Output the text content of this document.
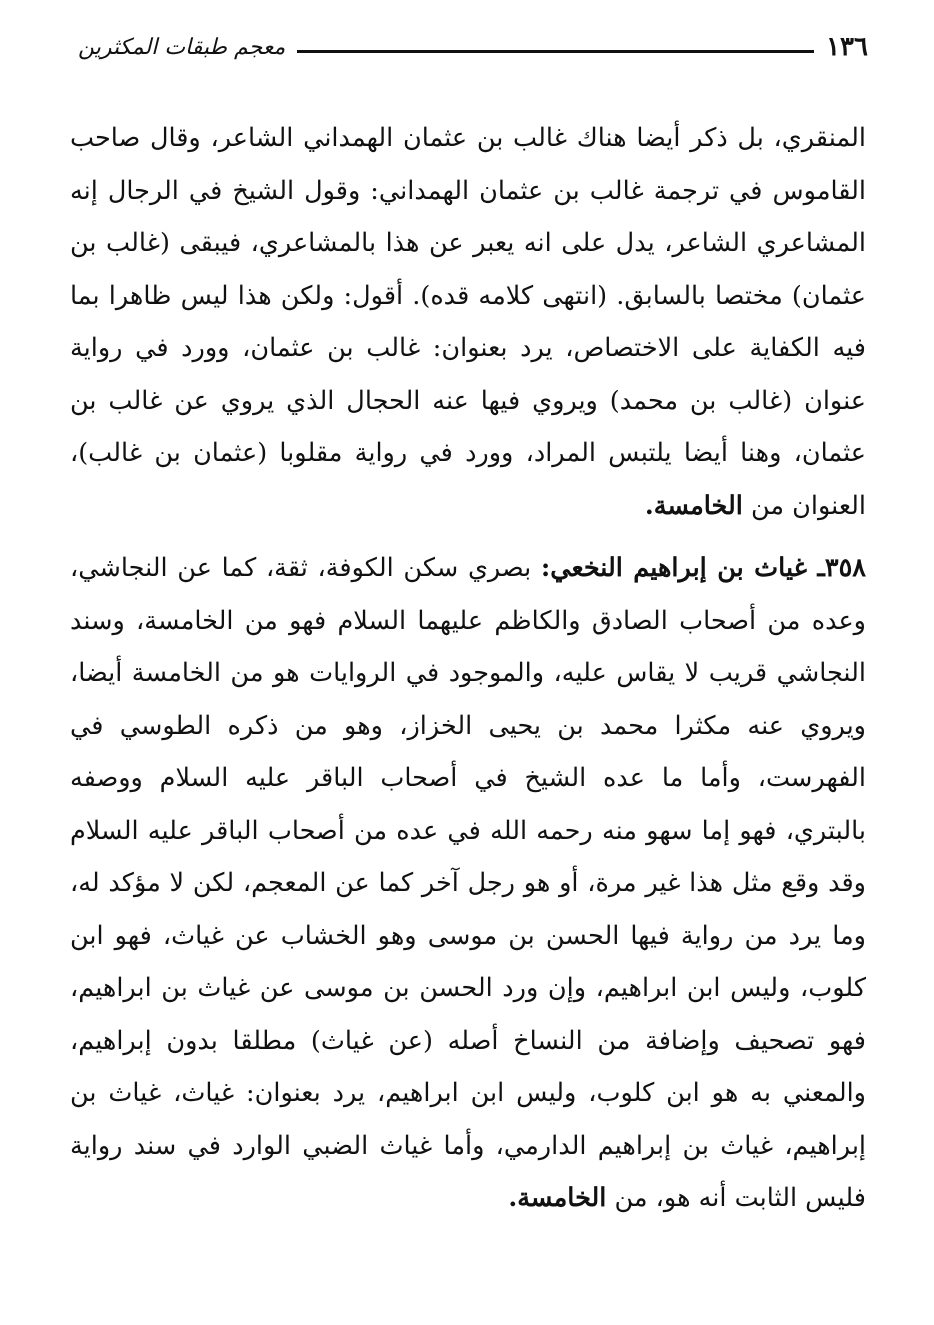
١٣٦
معجم طبقات المكثرين

المنقري، بل ذكر أيضا هناك غالب بن عثمان الهمداني الشاعر، وقال صاحب القاموس في ترجمة غالب بن عثمان الهمداني: وقول الشيخ في الرجال إنه المشاعري الشاعر، يدل على انه يعبر عن هذا بالمشاعري، فيبقى (غالب بن عثمان) مختصا بالسابق. (انتهى كلامه قده). أقول: ولكن هذا ليس ظاهرا بما فيه الكفاية على الاختصاص، يرد بعنوان: غالب بن عثمان، وورد في رواية عنوان (غالب بن محمد) ويروي فيها عنه الحجال الذي يروي عن غالب بن عثمان، وهنا أيضا يلتبس المراد، وورد في رواية مقلوبا (عثمان بن غالب)، العنوان من الخامسة.

٣٥٨ـ غياث بن إبراهيم النخعي: بصري سكن الكوفة، ثقة، كما عن النجاشي، وعده من أصحاب الصادق والكاظم عليهما السلام فهو من الخامسة، وسند النجاشي قريب لا يقاس عليه، والموجود في الروايات هو من الخامسة أيضا، ويروي عنه مكثرا محمد بن يحيى الخزاز، وهو من ذكره الطوسي في الفهرست، وأما ما عده الشيخ في أصحاب الباقر عليه السلام ووصفه بالبتري، فهو إما سهو منه رحمه الله في عده من أصحاب الباقر عليه السلام وقد وقع مثل هذا غير مرة، أو هو رجل آخر كما عن المعجم، لكن لا مؤكد له، وما يرد من رواية فيها الحسن بن موسى وهو الخشاب عن غياث، فهو ابن كلوب، وليس ابن ابراهيم، وإن ورد الحسن بن موسى عن غياث بن ابراهيم، فهو تصحيف وإضافة من النساخ أصله (عن غياث) مطلقا بدون إبراهيم، والمعني به هو ابن كلوب، وليس ابن ابراهيم، يرد بعنوان: غياث، غياث بن إبراهيم، غياث بن إبراهيم الدارمي، وأما غياث الضبي الوارد في سند رواية فليس الثابت أنه هو، من الخامسة.
